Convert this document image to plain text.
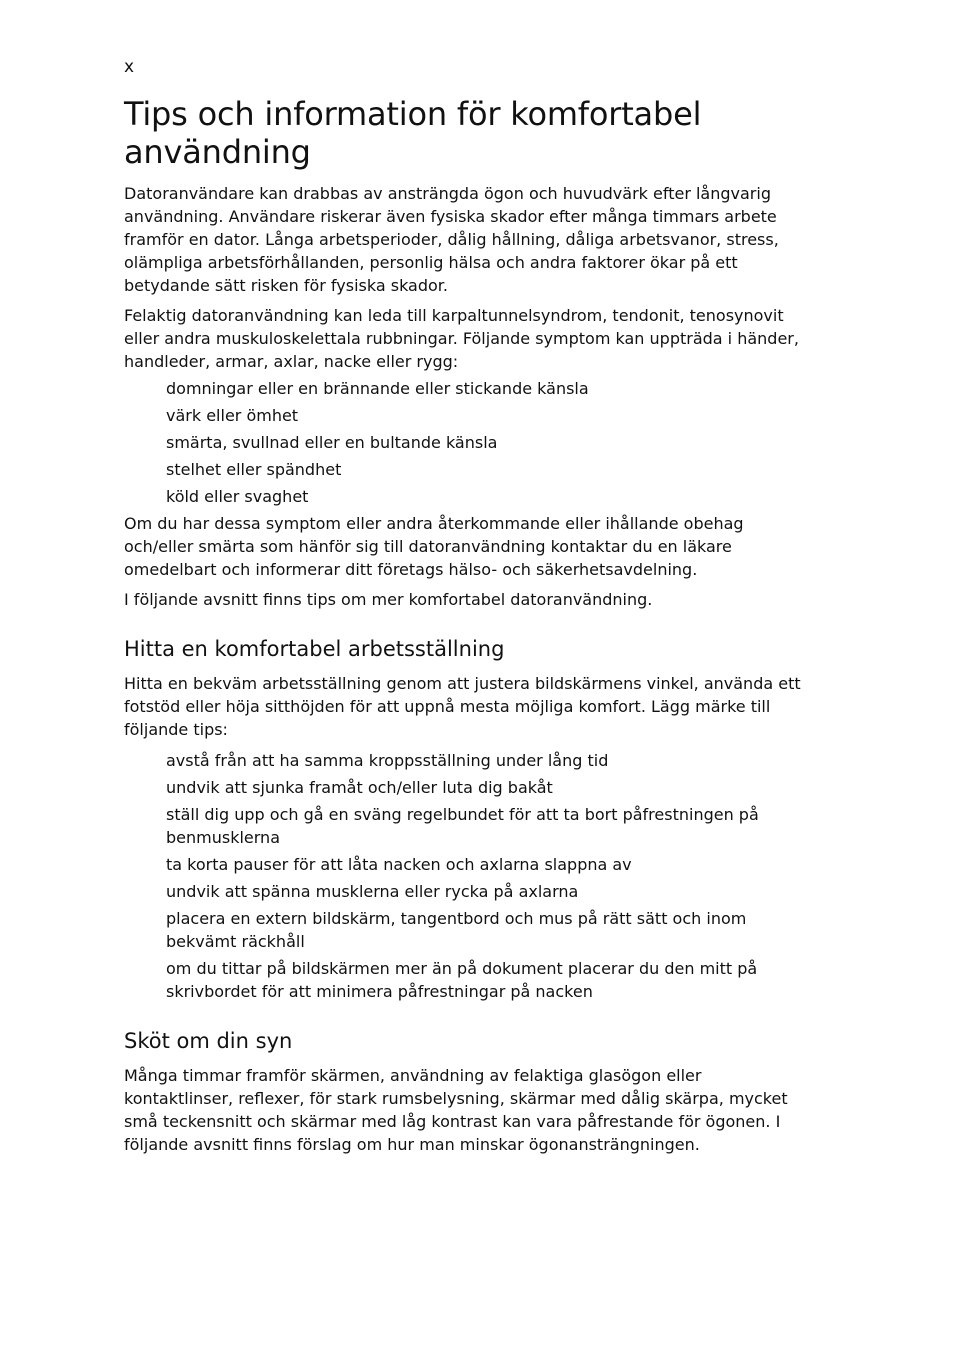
x
Tips och information för komfortabel användning

Datoranvändare kan drabbas av ansträngda ögon och huvudvärk efter långvarig användning. Användare riskerar även fysiska skador efter många timmars arbete framför en dator. Långa arbetsperioder, dålig hållning, dåliga arbetsvanor, stress, olämpliga arbetsförhållanden, personlig hälsa och andra faktorer ökar på ett betydande sätt risken för fysiska skador.

Felaktig datoranvändning kan leda till karpaltunnelsyndrom, tendonit, tenosynovit eller andra muskuloskelettala rubbningar. Följande symptom kan uppträda i händer, handleder, armar, axlar, nacke eller rygg:

domningar eller en brännande eller stickande känsla
värk eller ömhet
smärta, svullnad eller en bultande känsla
stelhet eller spändhet
köld eller svaghet

Om du har dessa symptom eller andra återkommande eller ihållande obehag och/eller smärta som hänför sig till datoranvändning kontaktar du en läkare omedelbart och informerar ditt företags hälso- och säkerhetsavdelning.

I följande avsnitt finns tips om mer komfortabel datoranvändning.

Hitta en komfortabel arbetsställning

Hitta en bekväm arbetsställning genom att justera bildskärmens vinkel, använda ett fotstöd eller höja sitthöjden för att uppnå mesta möjliga komfort. Lägg märke till följande tips:

avstå från att ha samma kroppsställning under lång tid
undvik att sjunka framåt och/eller luta dig bakåt
ställ dig upp och gå en sväng regelbundet för att ta bort påfrestningen på benmusklerna
ta korta pauser för att låta nacken och axlarna slappna av
undvik att spänna musklerna eller rycka på axlarna
placera en extern bildskärm, tangentbord och mus på rätt sätt och inom bekvämt räckhåll
om du tittar på bildskärmen mer än på dokument placerar du den mitt på skrivbordet för att minimera påfrestningar på nacken
Sköt om din syn

Många timmar framför skärmen, användning av felaktiga glasögon eller kontaktlinser, reflexer, för stark rumsbelysning, skärmar med dålig skärpa, mycket små teckensnitt och skärmar med låg kontrast kan vara påfrestande för ögonen. I följande avsnitt finns förslag om hur man minskar ögonansträngningen.
